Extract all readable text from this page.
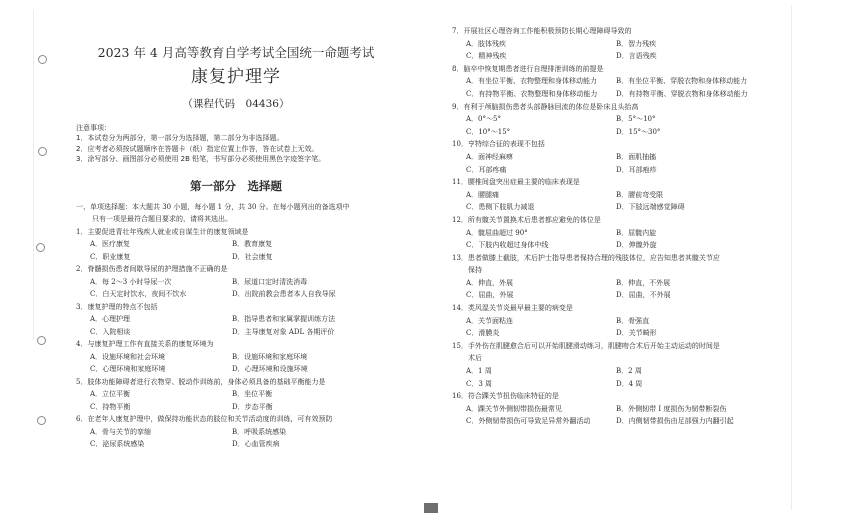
2023 年 4 月高等教育自学考试全国统一命题考试
康复护理学
（课程代码　04436）
注意事项：
1．本试卷分为两部分，第一部分为选择题，第二部分为非选择题。
2．应考者必须按试题顺序在答题卡（纸）指定位置上作答，答在试卷上无效。
3．涂写部分、画图部分必须使用 2B 铅笔，书写部分必须使用黑色字迹签字笔。
第一部分　选择题
一、单项选择题：本大题共 30 小题，每小题 1 分，共 30 分。在每小题列出的备选项中
只有一项是最符合题目要求的，请将其选出。
1．主要促进青壮年残疾人就业或自谋生计的康复领域是
A．医疗康复	B．教育康复
C．职业康复	D．社会康复
2．脊髓损伤患者间歇导尿的护理措施不正确的是
A．每 2～3 小时导尿一次	B．尿道口定时清洗消毒
C．白天定时饮水，夜间不饮水	D．出院前教会患者本人自我导尿
3．康复护理的特点不包括
A．心理护理	B．指导患者和家属掌握训练方法
C．入院相谈	D．主导康复对象 ADL 各期评价
4．与康复护理工作有直接关系的康复环境为
A．设施环境和社会环境	B．设施环境和家庭环境
C．心理环境和家庭环境	D．心理环境和设施环境
5．肢体功能障碍者进行衣物穿、脱动作训练前，身体必须具备的基础平衡能力是
A．立位平衡	B．坐位平衡
C．持物平衡	D．步态平衡
6．在老年人康复护理中，做保持功能状态的肢位和关节活动度的训练，可有效预防
A．骨与关节的挛缩	B．呼吸系统感染
C．泌尿系统感染	D．心血管疾病
7．开展社区心理咨询工作能积极预防长期心理障碍导致的
A．肢体残疾	B．智力残疾
C．精神残疾	D．言语残疾
8．脑卒中恢复期患者进行自理排泄训练的前提是
A．有坐位平衡、衣物整理和身体移动能力	B．有坐位平衡、穿脱衣物和身体移动能力
C．有持物平衡、衣物整理和身体移动能力	D．有持物平衡、穿脱衣物和身体移动能力
9．有利于颅脑损伤患者头部静脉回流的体位是卧床且头抬高
A．0°～5°	B．5°～10°
C．10°～15°	D．15°～30°
10．亨特综合征的表现不包括
A．面神经麻痹	B．面肌抽搐
C．耳部疼痛	D．耳部疱疹
11．腰椎间盘突出症最主要的临床表现是
A．腰腿痛	B．腰前弯受限
C．患侧下肢肌力减退	D．下肢远端感觉障碍
12．所有髋关节置换术后患者都应避免的体位是
A．髋屈曲超过 90°	B．屈髋内旋
C．下肢内收超过身体中线	D．伸髋外旋
13．患者做膝上截肢，术后护士指导患者保持合理的残肢体位，应告知患者其髋关节应
保持
A．伸直，外展	B．伸直，不外展
C．屈曲，外展	D．屈曲，不外展
14．类风湿关节炎最早最主要的病变是
A．关节面粘连	B．骨强直
C．滑膜炎	D．关节畸形
15．手外伤在肌腱愈合后可以开始肌腱滑动练习，肌腱吻合术后开始主动运动的时间是
术后
A．1 周	B．2 周
C．3 周	D．4 周
16．符合踝关节扭伤临床特征的是
A．踝关节外侧韧带损伤最常见	B．外侧韧带 I 度损伤为韧带断裂伤
C．外侧韧带损伤可导致足异常外翻活动	D．内侧韧带损伤由足部强力内翻引起
